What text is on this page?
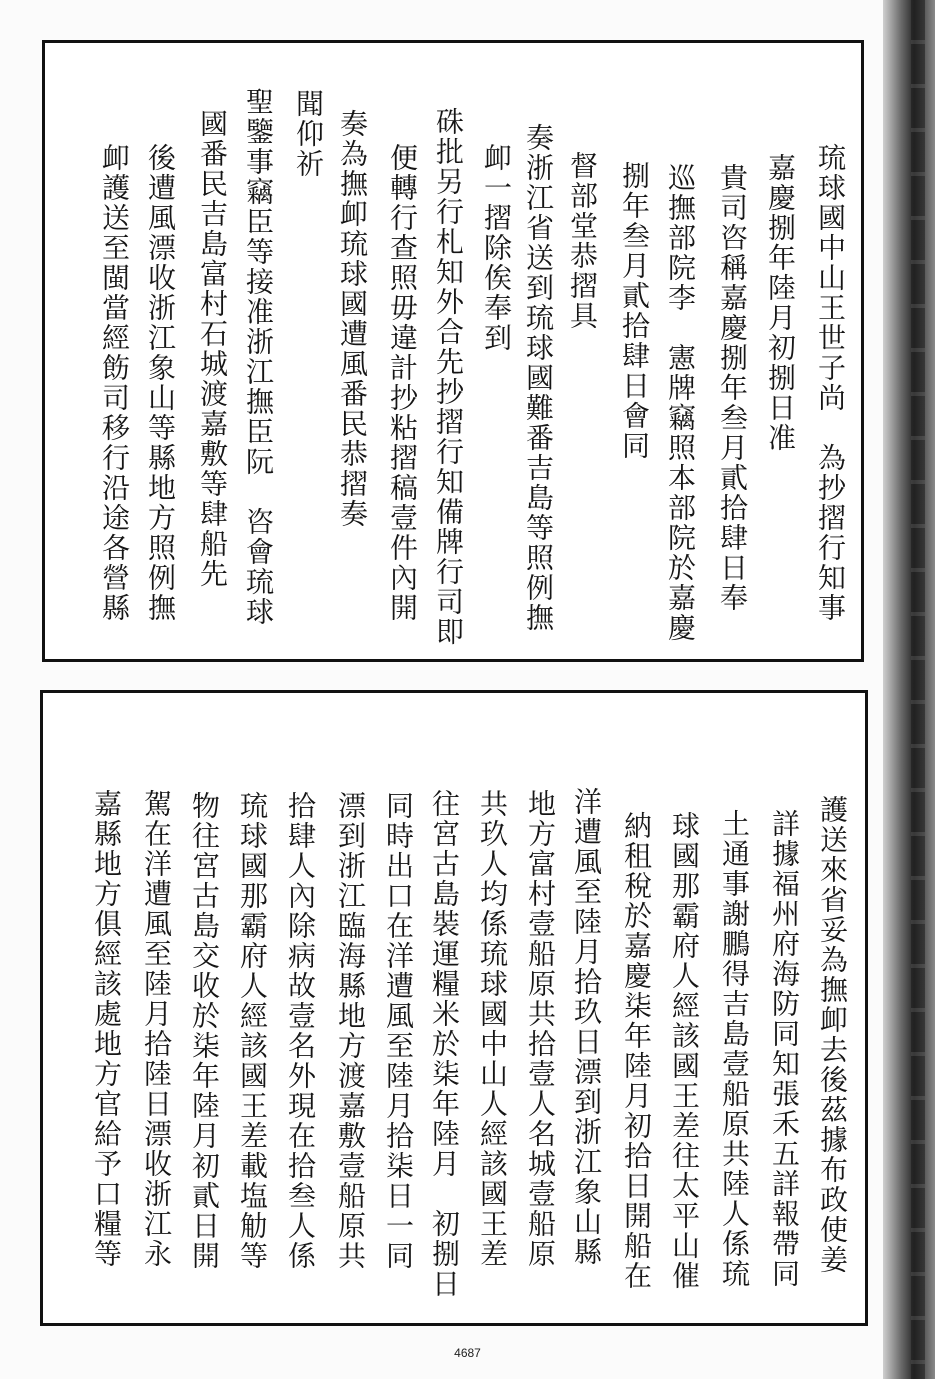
琉球國中山王世子尚　為抄摺行知事
嘉慶捌年陸月初捌日准
貴司咨稱嘉慶捌年叁月貳拾肆日奉
巡撫部院李　憲牌竊照本部院於嘉慶
捌年叁月貳拾肆日會同
督部堂恭摺具
奏浙江省送到琉球國難番吉島等照例撫
卹一摺除俟奉到
硃批另行札知外合先抄摺行知備牌行司即
便轉行查照毋違計抄粘摺稿壹件內開
奏為撫卹琉球國遭風番民恭摺奏
聞仰祈
聖鑒事竊臣等接准浙江撫臣阮　咨會琉球
國番民吉島富村石城渡嘉敷等肆船先
後遭風漂收浙江象山等縣地方照例撫
卹護送至閩當經飭司移行沿途各營縣
護送來省妥為撫卹去後茲據布政使姜
詳據福州府海防同知張禾五詳報帶同
土通事謝鵬得吉島壹船原共陸人係琉
球國那霸府人經該國王差往太平山催
納租稅於嘉慶柒年陸月初拾日開船在
洋遭風至陸月拾玖日漂到浙江象山縣
地方富村壹船原共拾壹人名城壹船原
共玖人均係琉球國中山人經該國王差
往宮古島裝運糧米於柒年陸月　初捌日
同時出口在洋遭風至陸月拾柒日一同
漂到浙江臨海縣地方渡嘉敷壹船原共
拾肆人內除病故壹名外現在拾叁人係
琉球國那霸府人經該國王差載塩觔等
物往宮古島交收於柒年陸月初貳日開
駕在洋遭風至陸月拾陸日漂收浙江永
嘉縣地方俱經該處地方官給予口糧等
4687
